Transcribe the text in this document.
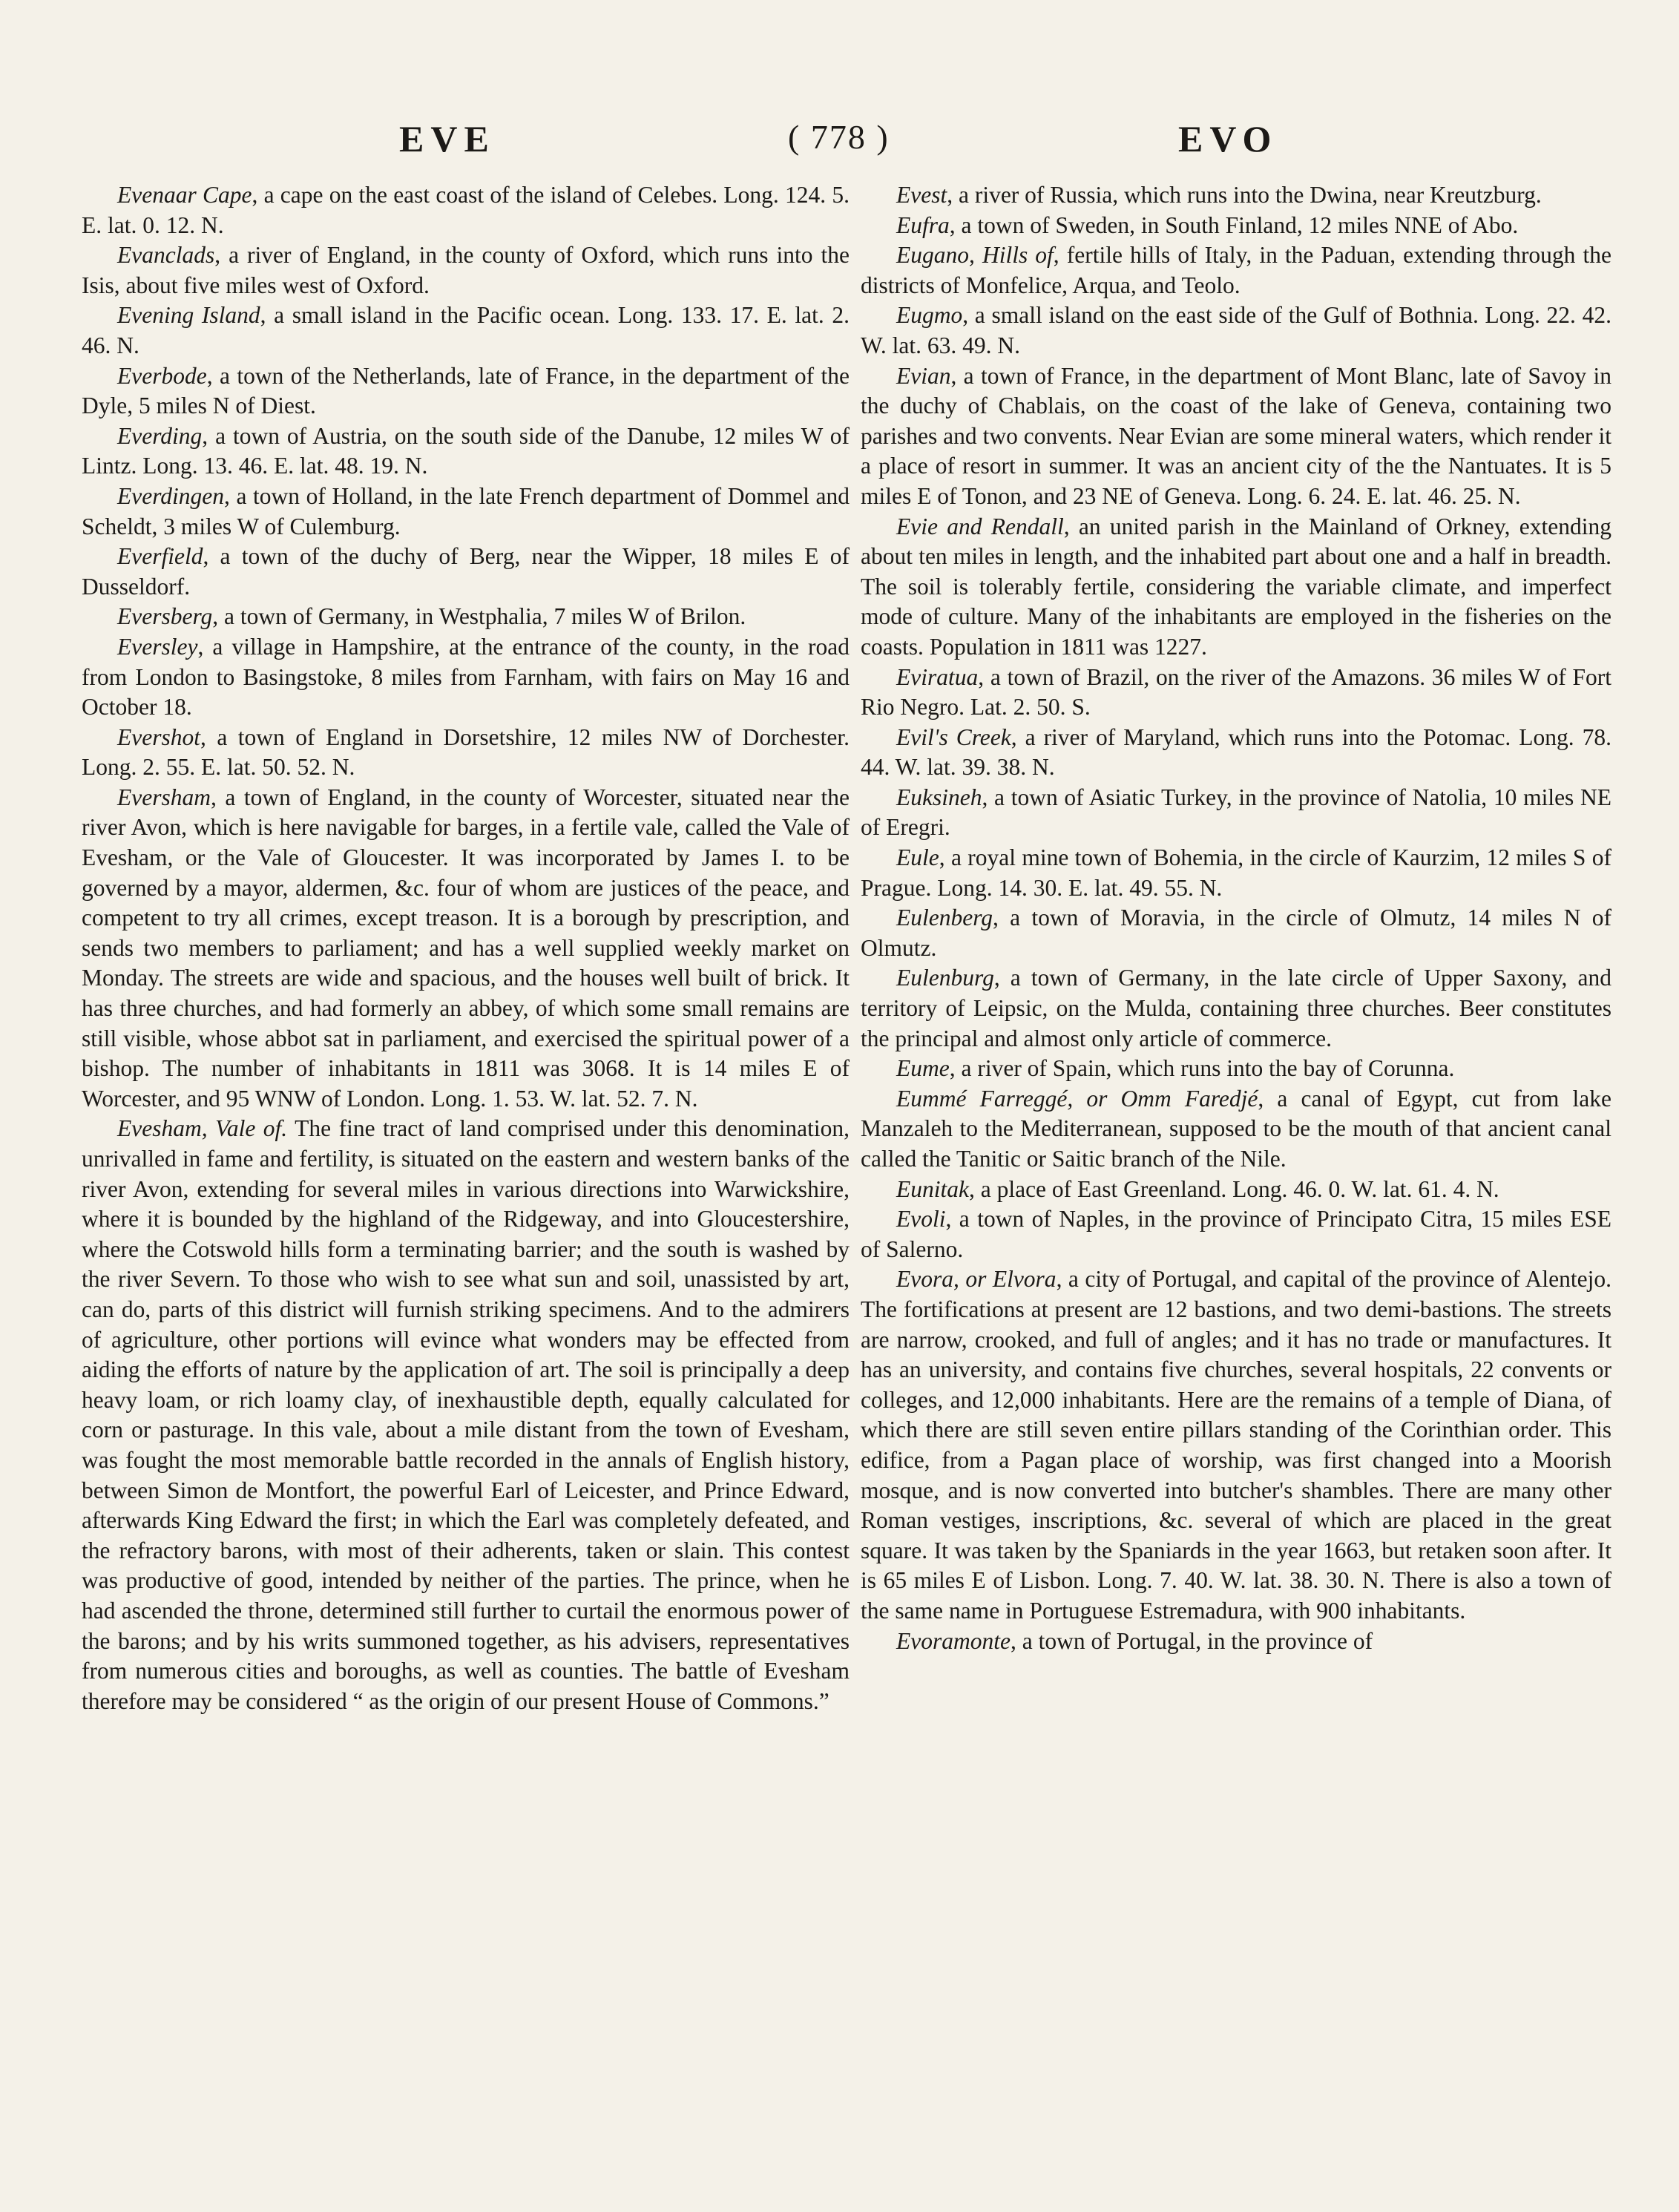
EVE	( 778 )	EVO

Evenaar Cape, a cape on the east coast of the island of Celebes. Long. 124. 5. E. lat. 0. 12. N.

Evanclads, a river of England, in the county of Oxford, which runs into the Isis, about five miles west of Oxford.

Evening Island, a small island in the Pacific ocean. Long. 133. 17. E. lat. 2. 46. N.

Everbode, a town of the Netherlands, late of France, in the department of the Dyle, 5 miles N of Diest.

Everding, a town of Austria, on the south side of the Danube, 12 miles W of Lintz. Long. 13. 46. E. lat. 48. 19. N.

Everdingen, a town of Holland, in the late French department of Dommel and Scheldt, 3 miles W of Culemburg.

Everfield, a town of the duchy of Berg, near the Wipper, 18 miles E of Dusseldorf.

Eversberg, a town of Germany, in Westphalia, 7 miles W of Brilon.

Eversley, a village in Hampshire, at the entrance of the county, in the road from London to Basingstoke, 8 miles from Farnham, with fairs on May 16 and October 18.

Evershot, a town of England in Dorsetshire, 12 miles NW of Dorchester. Long. 2. 55. E. lat. 50. 52. N.

Eversham, a town of England, in the county of Worcester, situated near the river Avon, which is here navigable for barges, in a fertile vale, called the Vale of Evesham, or the Vale of Gloucester. It was incorporated by James I. to be governed by a mayor, aldermen, &c. four of whom are justices of the peace, and competent to try all crimes, except treason. It is a borough by prescription, and sends two members to parliament; and has a well supplied weekly market on Monday. The streets are wide and spacious, and the houses well built of brick. It has three churches, and had formerly an abbey, of which some small remains are still visible, whose abbot sat in parliament, and exercised the spiritual power of a bishop. The number of inhabitants in 1811 was 3068. It is 14 miles E of Worcester, and 95 WNW of London. Long. 1. 53. W. lat. 52. 7. N.

Evesham, Vale of. The fine tract of land comprised under this denomination, unrivalled in fame and fertility, is situated on the eastern and western banks of the river Avon, extending for several miles in various directions into Warwickshire, where it is bounded by the highland of the Ridgeway, and into Gloucestershire, where the Cotswold hills form a terminating barrier; and the south is washed by the river Severn. To those who wish to see what sun and soil, unassisted by art, can do, parts of this district will furnish striking specimens. And to the admirers of agriculture, other portions will evince what wonders may be effected from aiding the efforts of nature by the application of art. The soil is principally a deep heavy loam, or rich loamy clay, of inexhaustible depth, equally calculated for corn or pasturage. In this vale, about a mile distant from the town of Evesham, was fought the most memorable battle recorded in the annals of English history, between Simon de Montfort, the powerful Earl of Leicester, and Prince Edward, afterwards King Edward the first; in which the Earl was completely defeated, and the refractory barons, with most of their adherents, taken or slain. This contest was productive of good, intended by neither of the parties. The prince, when he had ascended the throne, determined still further to curtail the enormous power of the barons; and by his writs summoned together, as his advisers, representatives from numerous cities and boroughs, as well as counties. The battle of Evesham therefore may be considered “ as the origin of our present House of Commons.”

Evest, a river of Russia, which runs into the Dwina, near Kreutzburg.

Eufra, a town of Sweden, in South Finland, 12 miles NNE of Abo.

Eugano, Hills of, fertile hills of Italy, in the Paduan, extending through the districts of Monfelice, Arqua, and Teolo.

Eugmo, a small island on the east side of the Gulf of Bothnia. Long. 22. 42. W. lat. 63. 49. N.

Evian, a town of France, in the department of Mont Blanc, late of Savoy in the duchy of Chablais, on the coast of the lake of Geneva, containing two parishes and two convents. Near Evian are some mineral waters, which render it a place of resort in summer. It was an ancient city of the the Nantuates. It is 5 miles E of Tonon, and 23 NE of Geneva. Long. 6. 24. E. lat. 46. 25. N.

Evie and Rendall, an united parish in the Mainland of Orkney, extending about ten miles in length, and the inhabited part about one and a half in breadth. The soil is tolerably fertile, considering the variable climate, and imperfect mode of culture. Many of the inhabitants are employed in the fisheries on the coasts. Population in 1811 was 1227.

Eviratua, a town of Brazil, on the river of the Amazons. 36 miles W of Fort Rio Negro. Lat. 2. 50. S.

Evil's Creek, a river of Maryland, which runs into the Potomac. Long. 78. 44. W. lat. 39. 38. N.

Euksineh, a town of Asiatic Turkey, in the province of Natolia, 10 miles NE of Eregri.

Eule, a royal mine town of Bohemia, in the circle of Kaurzim, 12 miles S of Prague. Long. 14. 30. E. lat. 49. 55. N.

Eulenberg, a town of Moravia, in the circle of Olmutz, 14 miles N of Olmutz.

Eulenburg, a town of Germany, in the late circle of Upper Saxony, and territory of Leipsic, on the Mulda, containing three churches. Beer constitutes the principal and almost only article of commerce.

Eume, a river of Spain, which runs into the bay of Corunna.

Eummé Farreggé, or Omm Faredjé, a canal of Egypt, cut from lake Manzaleh to the Mediterranean, supposed to be the mouth of that ancient canal called the Tanitic or Saitic branch of the Nile.

Eunitak, a place of East Greenland. Long. 46. 0. W. lat. 61. 4. N.

Evoli, a town of Naples, in the province of Principato Citra, 15 miles ESE of Salerno.

Evora, or Elvora, a city of Portugal, and capital of the province of Alentejo. The fortifications at present are 12 bastions, and two demi-bastions. The streets are narrow, crooked, and full of angles; and it has no trade or manufactures. It has an university, and contains five churches, several hospitals, 22 convents or colleges, and 12,000 inhabitants. Here are the remains of a temple of Diana, of which there are still seven entire pillars standing of the Corinthian order. This edifice, from a Pagan place of worship, was first changed into a Moorish mosque, and is now converted into butcher's shambles. There are many other Roman vestiges, inscriptions, &c. several of which are placed in the great square. It was taken by the Spaniards in the year 1663, but retaken soon after. It is 65 miles E of Lisbon. Long. 7. 40. W. lat. 38. 30. N. There is also a town of the same name in Portuguese Estremadura, with 900 inhabitants.

Evoramonte, a town of Portugal, in the province of
